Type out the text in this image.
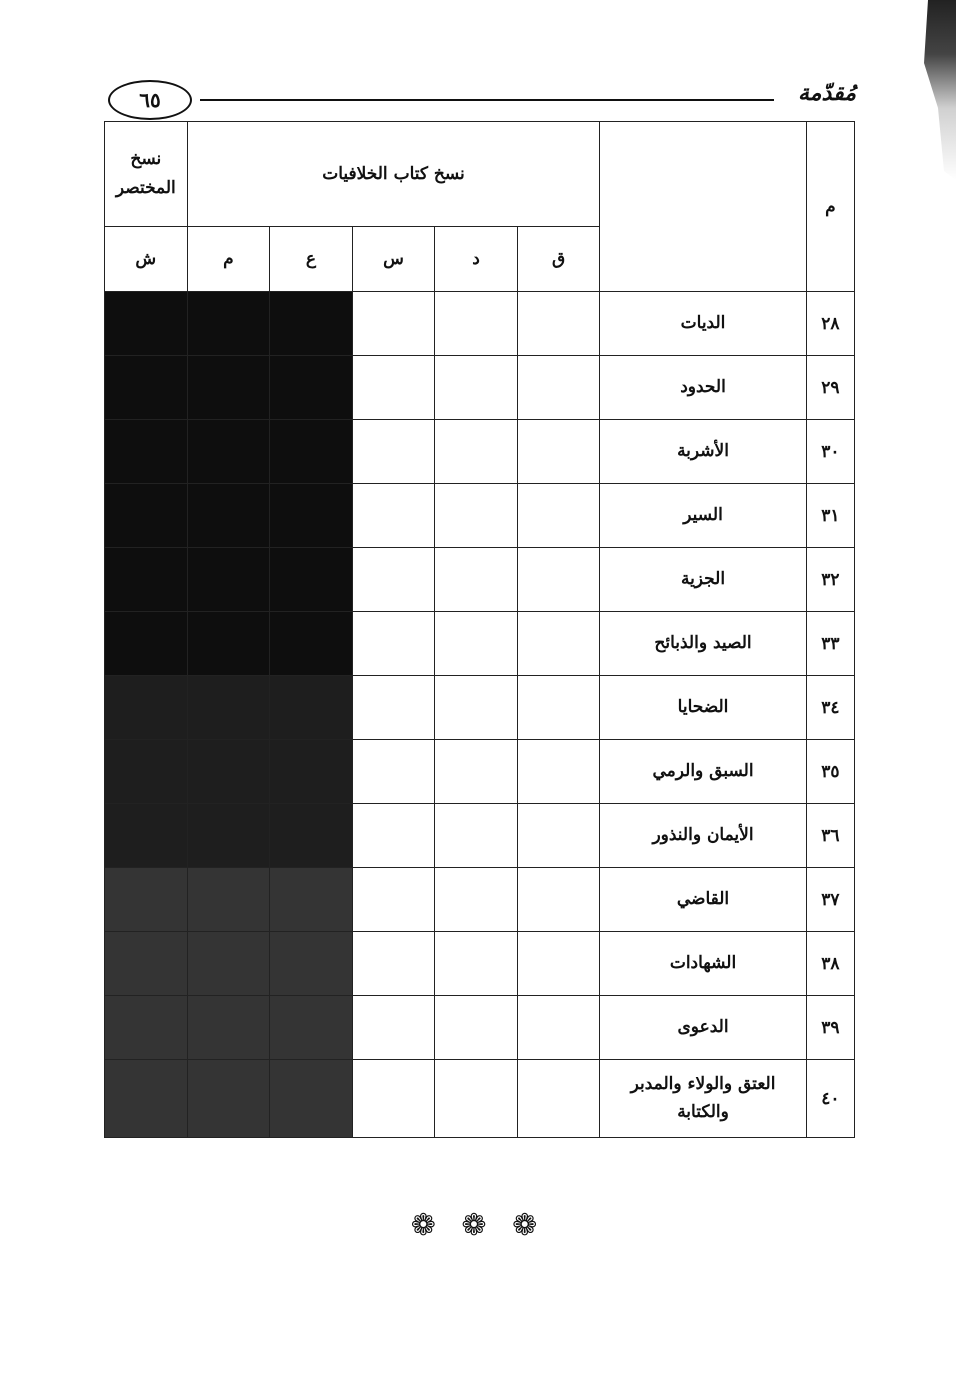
٦٥	مُقدّمة
م		نسخ كتاب الخلافيات					نسخ المختصر
		ق	د	س	ع	م	ش
٢٨	الديات						
٢٩	الحدود						
٣٠	الأشربة						
٣١	السير						
٣٢	الجزية						
٣٣	الصيد والذبائح						
٣٤	الضحايا						
٣٥	السبق والرمي						
٣٦	الأيمان والنذور						
٣٧	القاضي						
٣٨	الشهادات						
٣٩	الدعوى						
٤٠	العتق والولاء والمدبر والكتابة						
❁ ❁ ❁
